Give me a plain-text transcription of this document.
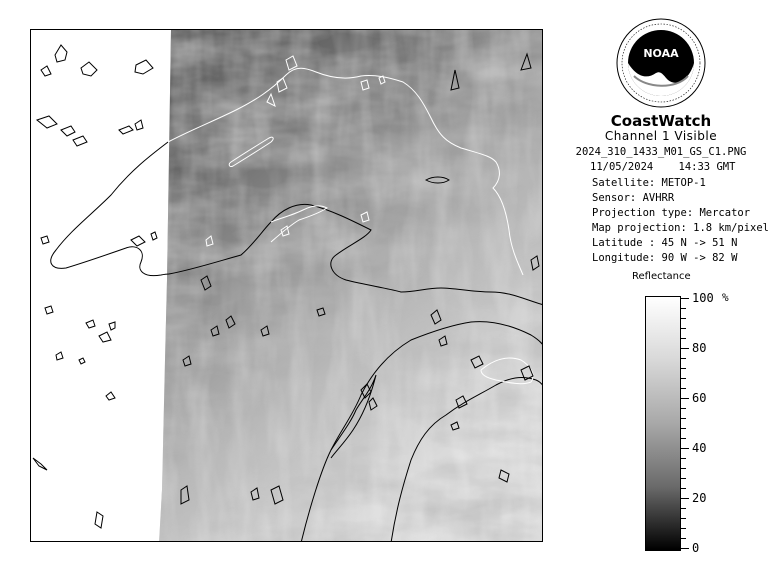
NOAA
CoastWatch
Channel 1 Visible
2024_310_1433_M01_GS_C1.PNG
11/05/2024 14:33 GMT
Satellite: METOP-1
Sensor: AVHRR
Projection type: Mercator
Map projection: 1.8 km/pixel
Latitude : 45 N -> 51 N
Longitude: 90 W -> 82 W
Reflectance
%
100
80
60
40
20
0
